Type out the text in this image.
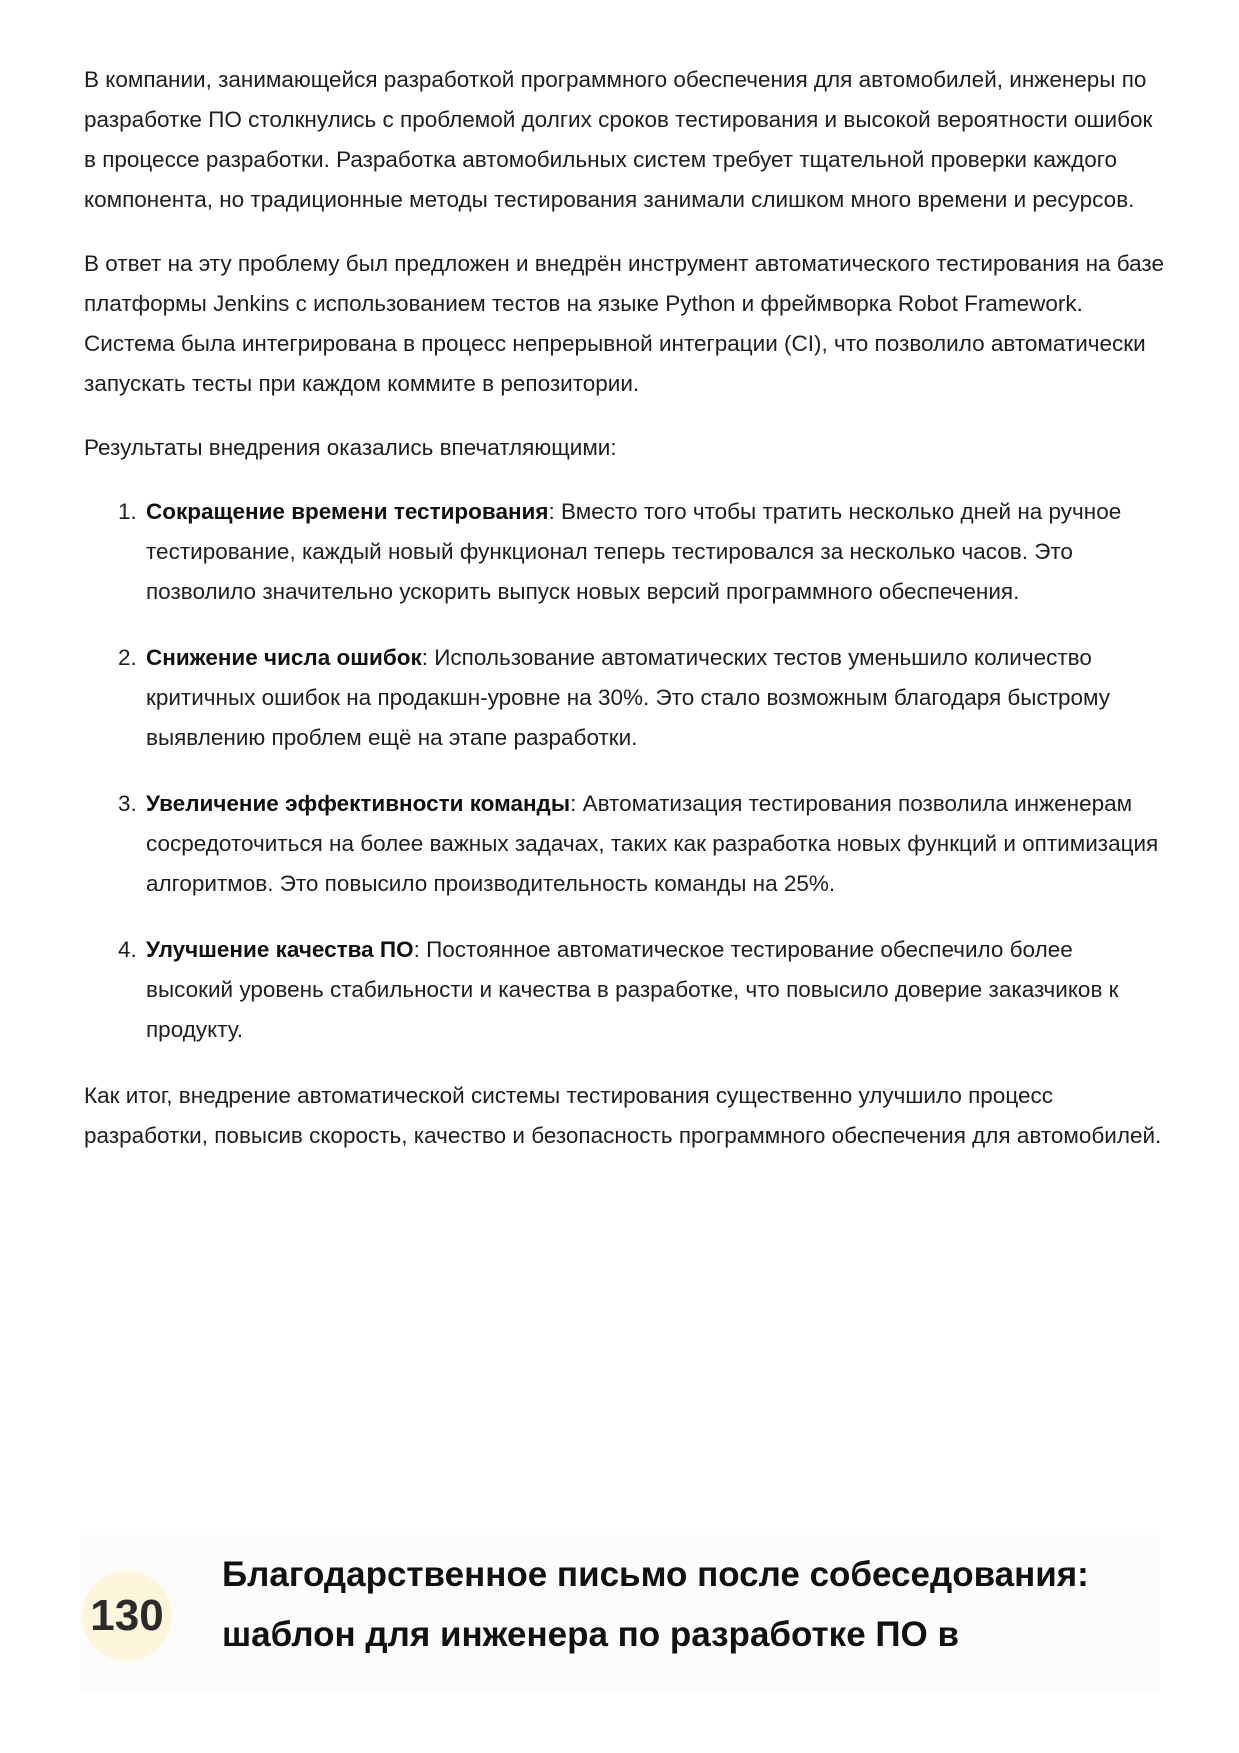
В компании, занимающейся разработкой программного обеспечения для автомобилей, инженеры по разработке ПО столкнулись с проблемой долгих сроков тестирования и высокой вероятности ошибок в процессе разработки. Разработка автомобильных систем требует тщательной проверки каждого компонента, но традиционные методы тестирования занимали слишком много времени и ресурсов.

В ответ на эту проблему был предложен и внедрён инструмент автоматического тестирования на базе платформы Jenkins с использованием тестов на языке Python и фреймворка Robot Framework. Система была интегрирована в процесс непрерывной интеграции (CI), что позволило автоматически запускать тесты при каждом коммите в репозитории.

Результаты внедрения оказались впечатляющими:

1. Сокращение времени тестирования: Вместо того чтобы тратить несколько дней на ручное тестирование, каждый новый функционал теперь тестировался за несколько часов. Это позволило значительно ускорить выпуск новых версий программного обеспечения.
2. Снижение числа ошибок: Использование автоматических тестов уменьшило количество критичных ошибок на продакшн-уровне на 30%. Это стало возможным благодаря быстрому выявлению проблем ещё на этапе разработки.
3. Увеличение эффективности команды: Автоматизация тестирования позволила инженерам сосредоточиться на более важных задачах, таких как разработка новых функций и оптимизация алгоритмов. Это повысило производительность команды на 25%.
4. Улучшение качества ПО: Постоянное автоматическое тестирование обеспечило более высокий уровень стабильности и качества в разработке, что повысило доверие заказчиков к продукту.

Как итог, внедрение автоматической системы тестирования существенно улучшило процесс разработки, повысив скорость, качество и безопасность программного обеспечения для автомобилей.

130
Благодарственное письмо после собеседования: шаблон для инженера по разработке ПО в
